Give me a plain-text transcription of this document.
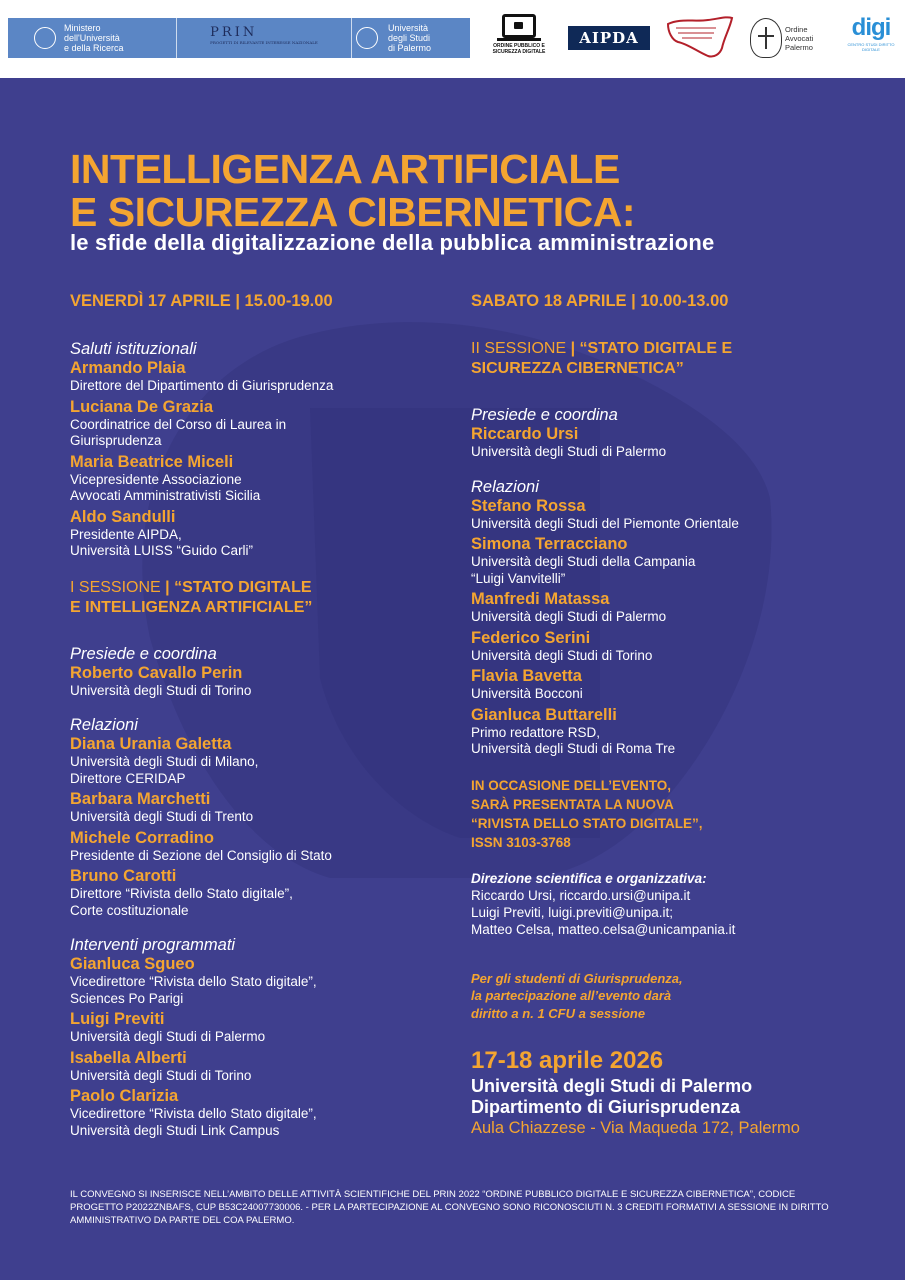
Ministero
dell'Università
e della Ricerca
PRIN
PROGETTI DI RILEVANTE INTERESSE NAZIONALE
Università
degli Studi
di Palermo	ORDINE PUBBLICO E
SICUREZZA DIGITALE
AIPDA	Ordine
Avvocati
Palermo
digi
CENTRO STUDI DIRITTO DIGITALE
INTELLIGENZA ARTIFICIALE
E SICUREZZA CIBERNETICA:
le sfide della digitalizzazione della pubblica amministrazione
VENERDÌ 17 APRILE | 15.00-19.00
Saluti istituzionali
Armando Plaia
Direttore del Dipartimento di Giurisprudenza
Luciana De Grazia
Coordinatrice del Corso di Laurea in
Giurisprudenza
Maria Beatrice Miceli
Vicepresidente Associazione
Avvocati Amministrativisti Sicilia
Aldo Sandulli
Presidente AIPDA,
Università LUISS “Guido Carli”
I SESSIONE | “STATO DIGITALE
E INTELLIGENZA ARTIFICIALE”
Presiede e coordina
Roberto Cavallo Perin
Università degli Studi di Torino
Relazioni
Diana Urania Galetta
Università degli Studi di Milano,
Direttore CERIDAP
Barbara Marchetti
Università degli Studi di Trento
Michele Corradino
Presidente di Sezione del Consiglio di Stato
Bruno Carotti
Direttore “Rivista dello Stato digitale”,
Corte costituzionale
Interventi programmati
Gianluca Sgueo
Vicedirettore “Rivista dello Stato digitale”,
Sciences Po Parigi
Luigi Previti
Università degli Studi di Palermo
Isabella Alberti
Università degli Studi di Torino
Paolo Clarizia
Vicedirettore “Rivista dello Stato digitale”,
Università degli Studi Link Campus
SABATO 18 APRILE | 10.00-13.00
II SESSIONE | “STATO DIGITALE E
SICUREZZA CIBERNETICA”
Presiede e coordina
Riccardo Ursi
Università degli Studi di Palermo
Relazioni
Stefano Rossa
Università degli Studi del Piemonte Orientale
Simona Terracciano
Università degli Studi della Campania
“Luigi Vanvitelli”
Manfredi Matassa
Università degli Studi di Palermo
Federico Serini
Università degli Studi di Torino
Flavia Bavetta
Università Bocconi
Gianluca Buttarelli
Primo redattore RSD,
Università degli Studi di Roma Tre
IN OCCASIONE DELL’EVENTO,
SARÀ PRESENTATA LA NUOVA
“RIVISTA DELLO STATO DIGITALE”,
ISSN 3103-3768
Direzione scientifica e organizzativa:
Riccardo Ursi, riccardo.ursi@unipa.it
Luigi Previti, luigi.previti@unipa.it;
Matteo Celsa, matteo.celsa@unicampania.it
Per gli studenti di Giurisprudenza,
la partecipazione all’evento darà
diritto a n. 1 CFU a sessione
17-18 aprile 2026
Università degli Studi di Palermo
Dipartimento di Giurisprudenza
Aula Chiazzese - Via Maqueda 172, Palermo
IL CONVEGNO SI INSERISCE NELL’AMBITO DELLE ATTIVITÀ SCIENTIFICHE DEL PRIN 2022 “ORDINE PUBBLICO DIGITALE E SICUREZZA CIBERNETICA”, CODICE PROGETTO P2022ZNBAFS, CUP B53C24007730006. - PER LA PARTECIPAZIONE AL CONVEGNO SONO RICONOSCIUTI N. 3 CREDITI FORMATIVI A SESSIONE IN DIRITTO AMMINISTRATIVO DA PARTE DEL COA PALERMO.
